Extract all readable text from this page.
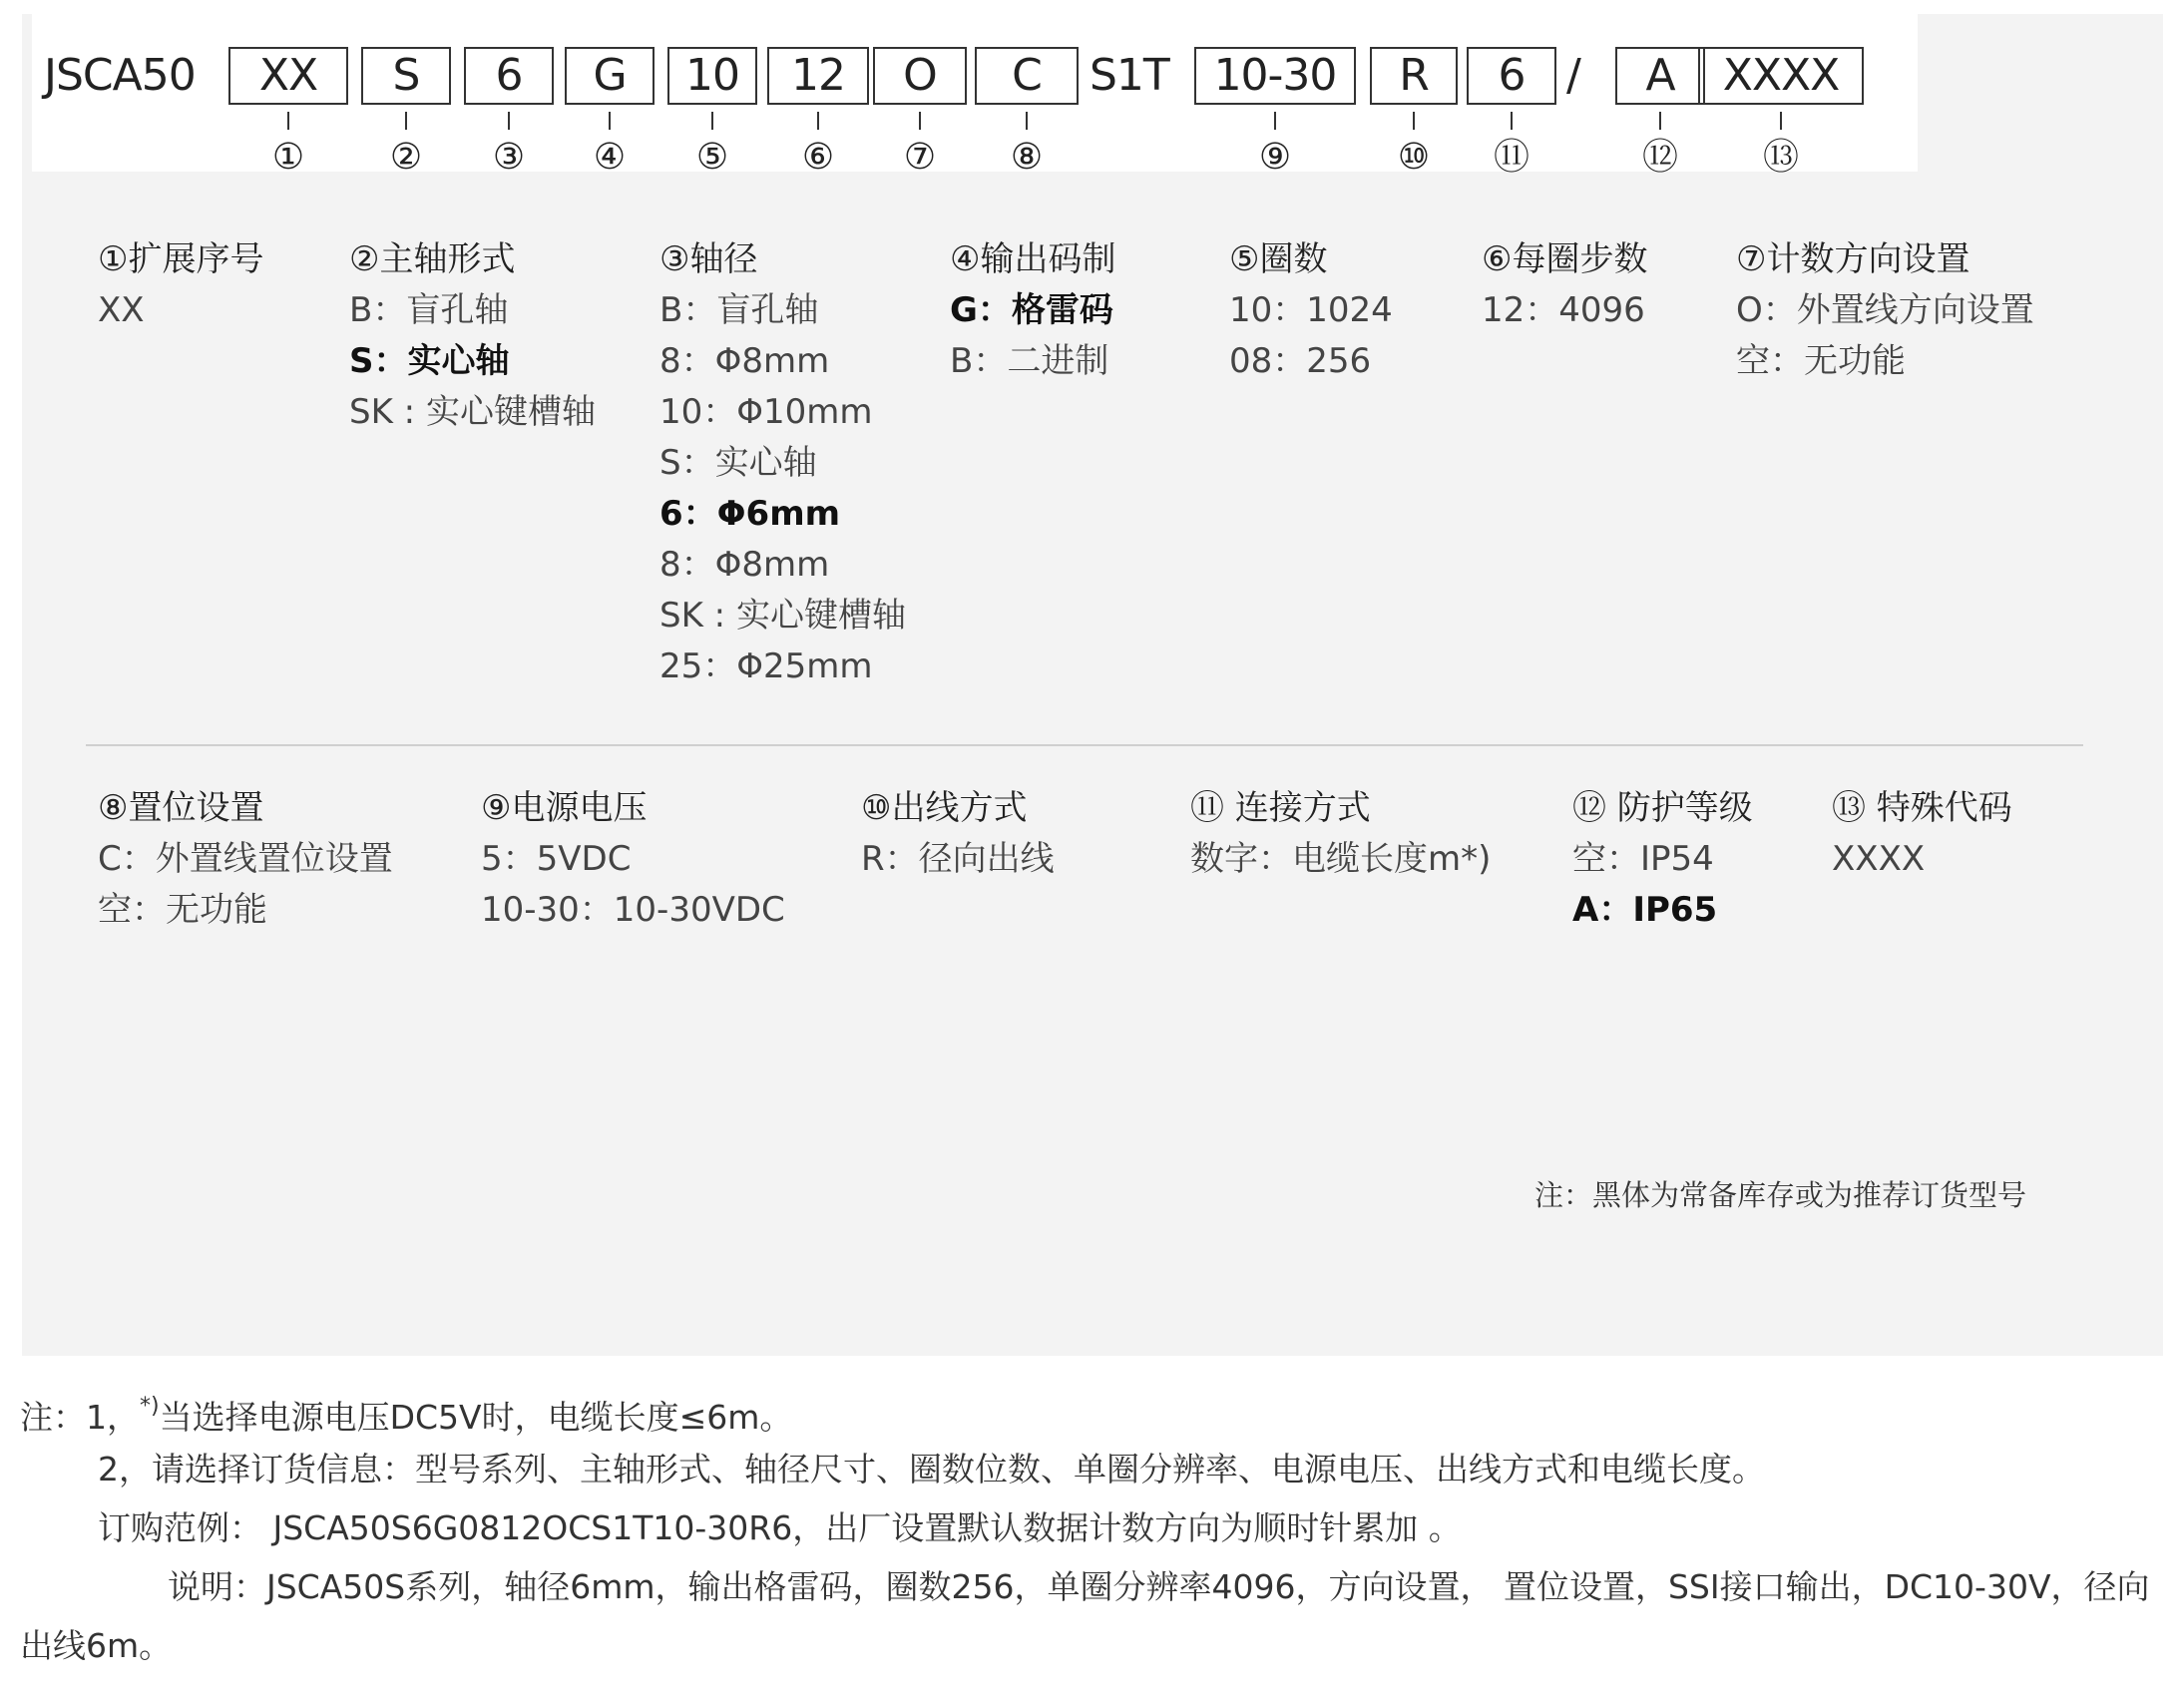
JSCA50	S1T	/
XX
①
S
②
6
③
G
④
10
⑤
12
⑥
O
⑦
C
⑧
10-30
⑨
R
⑩
6
⑪
A
⑫
XXXX
⑬
①扩展序号
XX
②主轴形式
B：盲孔轴
S：实心轴
SK : 实心键槽轴
③轴径
B：盲孔轴
8：Φ8mm
10：Φ10mm
S：实心轴
6：Φ6mm
8：Φ8mm
SK : 实心键槽轴
25：Φ25mm
④输出码制
G：格雷码
B：二进制
⑤圈数
10：1024
08：256
⑥每圈步数
12：4096
⑦计数方向设置
O：外置线方向设置
空：无功能
⑧置位设置
C：外置线置位设置
空：无功能
⑨电源电压
5：5VDC
10-30：10-30VDC
⑩出线方式
R：径向出线
⑪ 连接方式
数字：电缆长度m*)
⑫ 防护等级
空：IP54
A：IP65
⑬ 特殊代码
XXXX
注：黑体为常备库存或为推荐订货型号
注：1，*)当选择电源电压DC5V时，电缆长度≤6m。
2，请选择订货信息：型号系列、主轴形式、轴径尺寸、圈数位数、单圈分辨率、电源电压、出线方式和电缆长度。
订购范例： JSCA50S6G0812OCS1T10-30R6，出厂设置默认数据计数方向为顺时针累加 。
说明：JSCA50S系列，轴径6mm，输出格雷码，圈数256，单圈分辨率4096，方向设置， 置位设置，SSI接口输出，DC10-30V，径向
出线6m。
